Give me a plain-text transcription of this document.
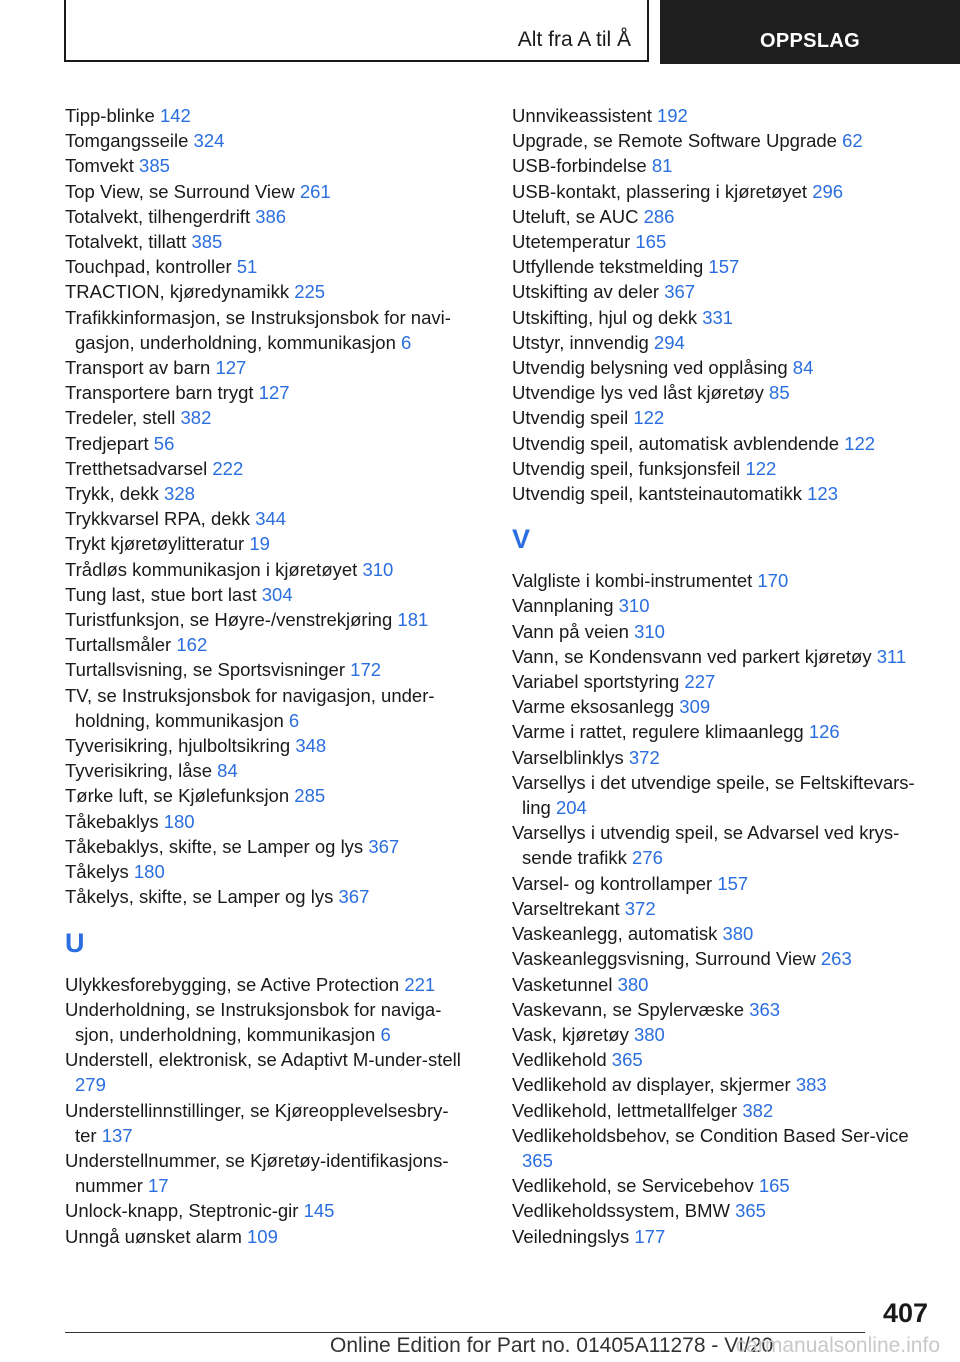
Alt fra A til Å	OPPSLAG
Tipp-blinke 142
Tomgangsseile 324
Tomvekt 385
Top View, se Surround View 261
Totalvekt, tilhengerdrift 386
Totalvekt, tillatt 385
Touchpad, kontroller 51
TRACTION, kjøredynamikk 225
Trafikkinformasjon, se Instruksjonsbok for navi-gasjon, underholdning, kommunikasjon 6
Transport av barn 127
Transportere barn trygt 127
Tredeler, stell 382
Tredjepart 56
Tretthetsadvarsel 222
Trykk, dekk 328
Trykkvarsel RPA, dekk 344
Trykt kjøretøylitteratur 19
Trådløs kommunikasjon i kjøretøyet 310
Tung last, stue bort last 304
Turistfunksjon, se Høyre-/venstrekjøring 181
Turtallsmåler 162
Turtallsvisning, se Sportsvisninger 172
TV, se Instruksjonsbok for navigasjon, under-holdning, kommunikasjon 6
Tyverisikring, hjulboltsikring 348
Tyverisikring, låse 84
Tørke luft, se Kjølefunksjon 285
Tåkebaklys 180
Tåkebaklys, skifte, se Lamper og lys 367
Tåkelys 180
Tåkelys, skifte, se Lamper og lys 367
U
Ulykkesforebygging, se Active Protection 221
Underholdning, se Instruksjonsbok for naviga-sjon, underholdning, kommunikasjon 6
Understell, elektronisk, se Adaptivt M-under-stell 279
Understellinnstillinger, se Kjøreopplevelsesbry-ter 137
Understellnummer, se Kjøretøy-identifikasjons-nummer 17
Unlock-knapp, Steptronic-gir 145
Unngå uønsket alarm 109
Unnvikeassistent 192
Upgrade, se Remote Software Upgrade 62
USB-forbindelse 81
USB-kontakt, plassering i kjøretøyet 296
Uteluft, se AUC 286
Utetemperatur 165
Utfyllende tekstmelding 157
Utskifting av deler 367
Utskifting, hjul og dekk 331
Utstyr, innvendig 294
Utvendig belysning ved opplåsing 84
Utvendige lys ved låst kjøretøy 85
Utvendig speil 122
Utvendig speil, automatisk avblendende 122
Utvendig speil, funksjonsfeil 122
Utvendig speil, kantsteinautomatikk 123
V
Valgliste i kombi-instrumentet 170
Vannplaning 310
Vann på veien 310
Vann, se Kondensvann ved parkert kjøretøy 311
Variabel sportstyring 227
Varme eksosanlegg 309
Varme i rattet, regulere klimaanlegg 126
Varselblinklys 372
Varsellys i det utvendige speile, se Feltskiftevars-ling 204
Varsellys i utvendig speil, se Advarsel ved krys-sende trafikk 276
Varsel- og kontrollamper 157
Varseltrekant 372
Vaskeanlegg, automatisk 380
Vaskeanleggsvisning, Surround View 263
Vasketunnel 380
Vaskevann, se Spylervæske 363
Vask, kjøretøy 380
Vedlikehold 365
Vedlikehold av displayer, skjermer 383
Vedlikehold, lettmetallfelger 382
Vedlikeholdsbehov, se Condition Based Ser-vice 365
Vedlikehold, se Servicebehov 165
Vedlikeholdssystem, BMW 365
Veiledningslys 177
407
Online Edition for Part no. 01405A11278 - VI/20
carmanualsonline.info
